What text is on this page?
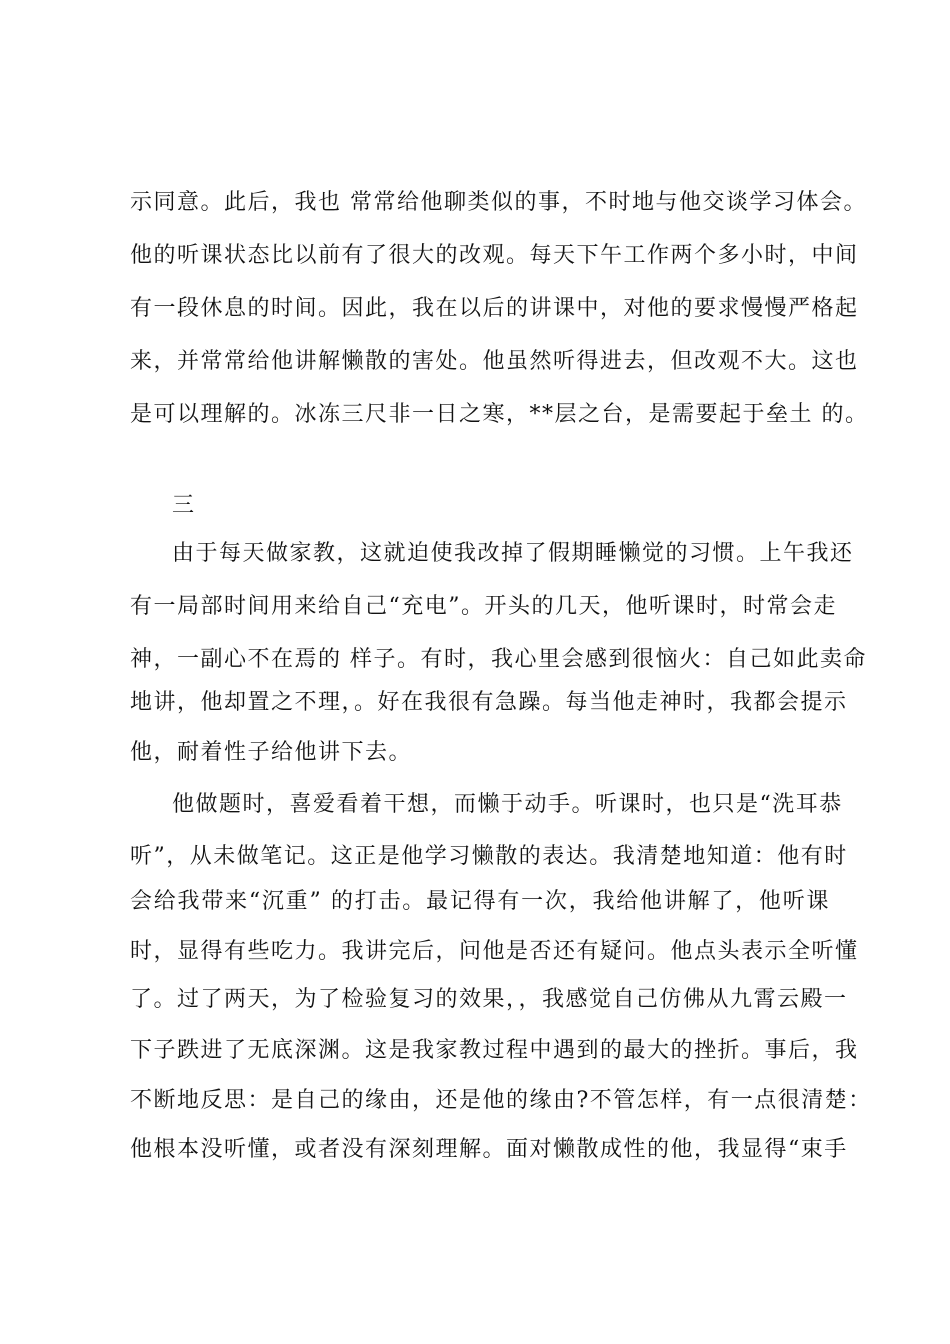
示同意。此后，我也 常常给他聊类似的事，不时地与他交谈学习体会。
他的听课状态比以前有了很大的改观。每天下午工作两个多小时，中间
有一段休息的时间。因此，我在以后的讲课中，对他的要求慢慢严格起
来，并常常给他讲解懒散的害处。他虽然听得进去，但改观不大。这也
是可以理解的。冰冻三尺非一日之寒，**层之台，是需要起于垒土 的。
三
由于每天做家教，这就迫使我改掉了假期睡懒觉的习惯。上午我还
有一局部时间用来给自己“充电”。开头的几天，他听课时，时常会走
神，一副心不在焉的 样子。有时，我心里会感到很恼火：自己如此卖命
地讲，他却置之不理，。好在我很有急躁。每当他走神时，我都会提示
他，耐着性子给他讲下去。
他做题时，喜爱看着干想，而懒于动手。听课时，也只是“洗耳恭
听”，从未做笔记。这正是他学习懒散的表达。我清楚地知道：他有时
会给我带来“沉重” 的打击。最记得有一次，我给他讲解了，他听课
时，显得有些吃力。我讲完后，问他是否还有疑问。他点头表示全听懂
了。过了两天，为了检验复习的效果，，我感觉自己仿佛从九霄云殿一
下子跌进了无底深渊。这是我家教过程中遇到的最大的挫折。事后，我
不断地反思：是自己的缘由，还是他的缘由?不管怎样，有一点很清楚：
他根本没听懂，或者没有深刻理解。面对懒散成性的他，我显得“束手
